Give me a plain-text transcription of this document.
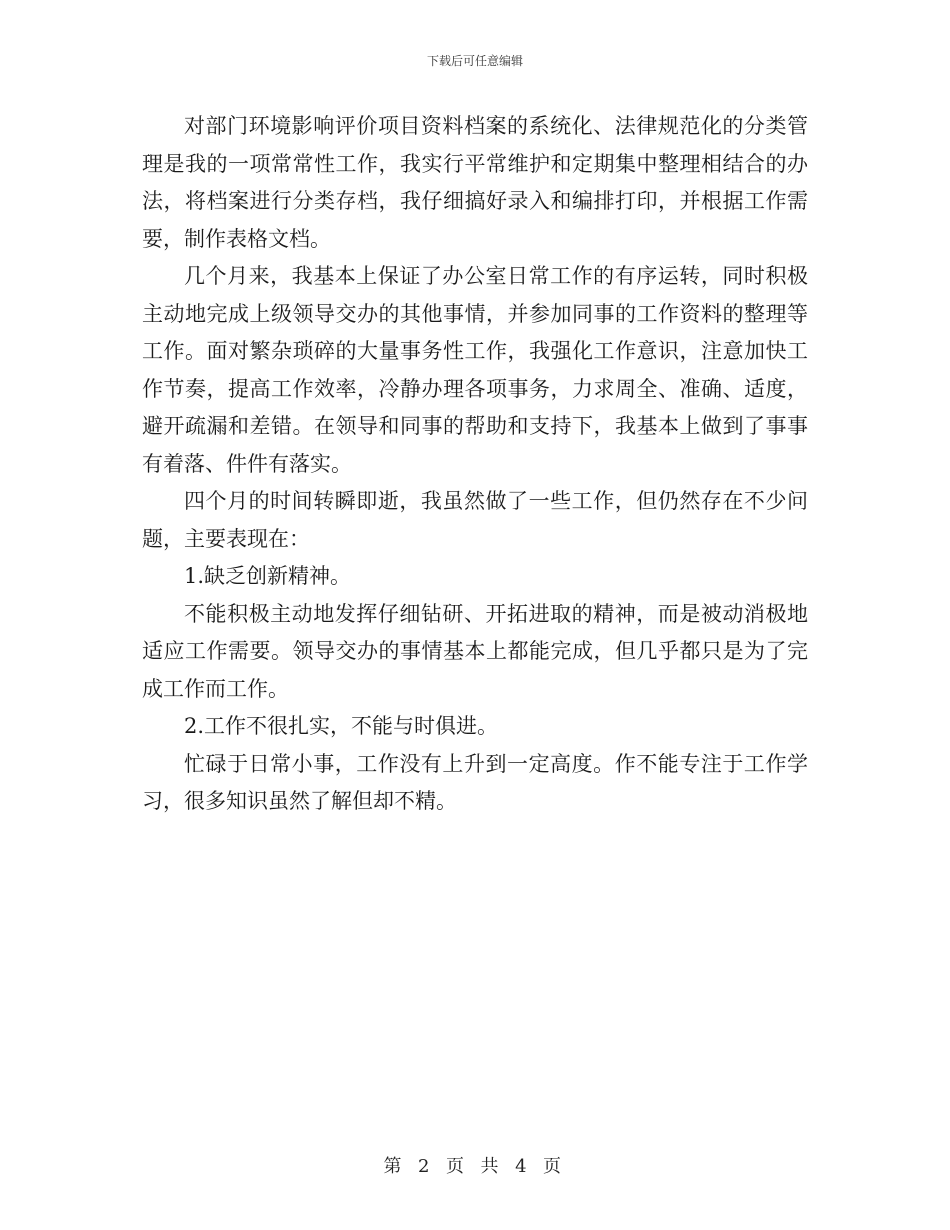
下载后可任意编辑

对部门环境影响评价项目资料档案的系统化、法律规范化的分类管理是我的一项常常性工作，我实行平常维护和定期集中整理相结合的办法，将档案进行分类存档，我仔细搞好录入和编排打印，并根据工作需要，制作表格文档。

几个月来，我基本上保证了办公室日常工作的有序运转，同时积极主动地完成上级领导交办的其他事情，并参加同事的工作资料的整理等工作。面对繁杂琐碎的大量事务性工作，我强化工作意识，注意加快工作节奏，提高工作效率，冷静办理各项事务，力求周全、准确、适度，避开疏漏和差错。在领导和同事的帮助和支持下，我基本上做到了事事有着落、件件有落实。

四个月的时间转瞬即逝，我虽然做了一些工作，但仍然存在不少问题，主要表现在：

1.缺乏创新精神。

不能积极主动地发挥仔细钻研、开拓进取的精神，而是被动消极地适应工作需要。领导交办的事情基本上都能完成，但几乎都只是为了完成工作而工作。

2.工作不很扎实，不能与时俱进。

忙碌于日常小事，工作没有上升到一定高度。作不能专注于工作学习，很多知识虽然了解但却不精。

第 2 页 共 4 页
